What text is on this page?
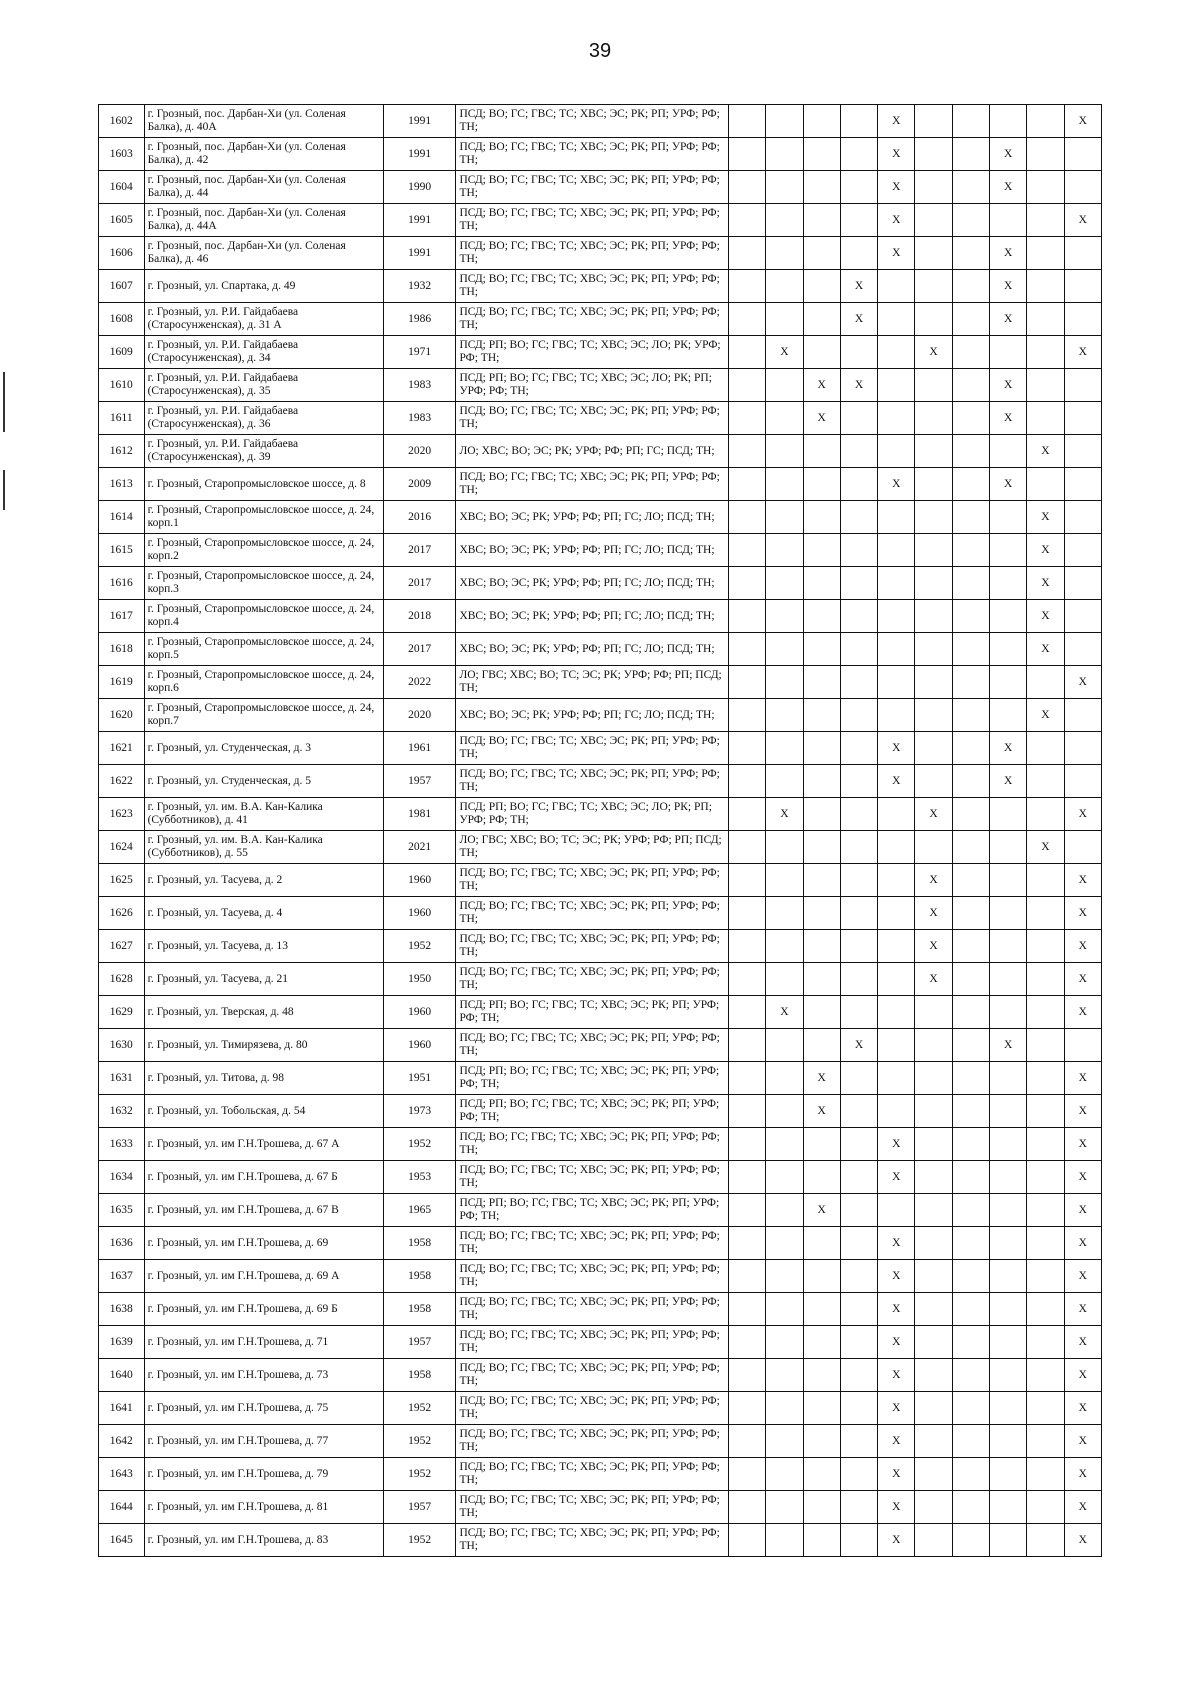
39
1602	г. Грозный, пос. Дарбан-Хи (ул. Соленая Балка), д. 40А	1991	ПСД; ВО; ГС; ГВС; ТС; ХВС; ЭС; РК; РП; УРФ; РФ; ТН;					X					X
1603	г. Грозный, пос. Дарбан-Хи (ул. Соленая Балка), д. 42	1991	ПСД; ВО; ГС; ГВС; ТС; ХВС; ЭС; РК; РП; УРФ; РФ; ТН;					X			X		
1604	г. Грозный, пос. Дарбан-Хи (ул. Соленая Балка), д. 44	1990	ПСД; ВО; ГС; ГВС; ТС; ХВС; ЭС; РК; РП; УРФ; РФ; ТН;					X			X		
1605	г. Грозный, пос. Дарбан-Хи (ул. Соленая Балка), д. 44А	1991	ПСД; ВО; ГС; ГВС; ТС; ХВС; ЭС; РК; РП; УРФ; РФ; ТН;					X					X
1606	г. Грозный, пос. Дарбан-Хи (ул. Соленая Балка), д. 46	1991	ПСД; ВО; ГС; ГВС; ТС; ХВС; ЭС; РК; РП; УРФ; РФ; ТН;					X			X		
1607	г. Грозный, ул. Спартака, д. 49	1932	ПСД; ВО; ГС; ГВС; ТС; ХВС; ЭС; РК; РП; УРФ; РФ; ТН;				X				X		
1608	г. Грозный, ул. Р.И. Гайдабаева (Старосунженская), д. 31 А	1986	ПСД; ВО; ГС; ГВС; ТС; ХВС; ЭС; РК; РП; УРФ; РФ; ТН;				X				X		
1609	г. Грозный, ул. Р.И. Гайдабаева (Старосунженская), д. 34	1971	ПСД; РП; ВО; ГС; ГВС; ТС; ХВС; ЭС; ЛО; РК; УРФ; РФ; ТН;		X				X				X
1610	г. Грозный, ул. Р.И. Гайдабаева (Старосунженская), д. 35	1983	ПСД; РП; ВО; ГС; ГВС; ТС; ХВС; ЭС; ЛО; РК; РП; УРФ; РФ; ТН;			X	X				X		
1611	г. Грозный, ул. Р.И. Гайдабаева (Старосунженская), д. 36	1983	ПСД; ВО; ГС; ГВС; ТС; ХВС; ЭС; РК; РП; УРФ; РФ; ТН;			X					X		
1612	г. Грозный, ул. Р.И. Гайдабаева (Старосунженская), д. 39	2020	ЛО; ХВС; ВО; ЭС; РК; УРФ; РФ; РП; ГС; ПСД; ТН;									X	
1613	г. Грозный, Старопромысловское шоссе, д. 8	2009	ПСД; ВО; ГС; ГВС; ТС; ХВС; ЭС; РК; РП; УРФ; РФ; ТН;					X			X		
1614	г. Грозный, Старопромысловское шоссе, д. 24, корп.1	2016	ХВС; ВО; ЭС; РК; УРФ; РФ; РП; ГС; ЛО; ПСД; ТН;									X	
1615	г. Грозный, Старопромысловское шоссе, д. 24, корп.2	2017	ХВС; ВО; ЭС; РК; УРФ; РФ; РП; ГС; ЛО; ПСД; ТН;									X	
1616	г. Грозный, Старопромысловское шоссе, д. 24, корп.3	2017	ХВС; ВО; ЭС; РК; УРФ; РФ; РП; ГС; ЛО; ПСД; ТН;									X	
1617	г. Грозный, Старопромысловское шоссе, д. 24, корп.4	2018	ХВС; ВО; ЭС; РК; УРФ; РФ; РП; ГС; ЛО; ПСД; ТН;									X	
1618	г. Грозный, Старопромысловское шоссе, д. 24, корп.5	2017	ХВС; ВО; ЭС; РК; УРФ; РФ; РП; ГС; ЛО; ПСД; ТН;									X	
1619	г. Грозный, Старопромысловское шоссе, д. 24, корп.6	2022	ЛО; ГВС; ХВС; ВО; ТС; ЭС; РК; УРФ; РФ; РП; ПСД; ТН;										X
1620	г. Грозный, Старопромысловское шоссе, д. 24, корп.7	2020	ХВС; ВО; ЭС; РК; УРФ; РФ; РП; ГС; ЛО; ПСД; ТН;									X	
1621	г. Грозный, ул. Студенческая, д. 3	1961	ПСД; ВО; ГС; ГВС; ТС; ХВС; ЭС; РК; РП; УРФ; РФ; ТН;					X			X		
1622	г. Грозный, ул. Студенческая, д. 5	1957	ПСД; ВО; ГС; ГВС; ТС; ХВС; ЭС; РК; РП; УРФ; РФ; ТН;					X			X		
1623	г. Грозный, ул. им. В.А. Кан-Калика (Субботников), д. 41	1981	ПСД; РП; ВО; ГС; ГВС; ТС; ХВС; ЭС; ЛО; РК; РП; УРФ; РФ; ТН;		X				X				X
1624	г. Грозный, ул. им. В.А. Кан-Калика (Субботников), д. 55	2021	ЛО; ГВС; ХВС; ВО; ТС; ЭС; РК; УРФ; РФ; РП; ПСД; ТН;									X	
1625	г. Грозный, ул. Тасуева, д. 2	1960	ПСД; ВО; ГС; ГВС; ТС; ХВС; ЭС; РК; РП; УРФ; РФ; ТН;						X				X
1626	г. Грозный, ул. Тасуева, д. 4	1960	ПСД; ВО; ГС; ГВС; ТС; ХВС; ЭС; РК; РП; УРФ; РФ; ТН;						X				X
1627	г. Грозный, ул. Тасуева, д. 13	1952	ПСД; ВО; ГС; ГВС; ТС; ХВС; ЭС; РК; РП; УРФ; РФ; ТН;						X				X
1628	г. Грозный, ул. Тасуева, д. 21	1950	ПСД; ВО; ГС; ГВС; ТС; ХВС; ЭС; РК; РП; УРФ; РФ; ТН;						X				X
1629	г. Грозный, ул. Тверская, д. 48	1960	ПСД; РП; ВО; ГС; ГВС; ТС; ХВС; ЭС; РК; РП; УРФ; РФ; ТН;		X								X
1630	г. Грозный, ул. Тимирязева, д. 80	1960	ПСД; ВО; ГС; ГВС; ТС; ХВС; ЭС; РК; РП; УРФ; РФ; ТН;				X				X		
1631	г. Грозный, ул. Титова, д. 98	1951	ПСД; РП; ВО; ГС; ГВС; ТС; ХВС; ЭС; РК; РП; УРФ; РФ; ТН;			X							X
1632	г. Грозный, ул. Тобольская, д. 54	1973	ПСД; РП; ВО; ГС; ГВС; ТС; ХВС; ЭС; РК; РП; УРФ; РФ; ТН;			X							X
1633	г. Грозный, ул. им Г.Н.Трошева, д. 67 А	1952	ПСД; ВО; ГС; ГВС; ТС; ХВС; ЭС; РК; РП; УРФ; РФ; ТН;					X					X
1634	г. Грозный, ул. им Г.Н.Трошева, д. 67 Б	1953	ПСД; ВО; ГС; ГВС; ТС; ХВС; ЭС; РК; РП; УРФ; РФ; ТН;					X					X
1635	г. Грозный, ул. им Г.Н.Трошева, д. 67 В	1965	ПСД; РП; ВО; ГС; ГВС; ТС; ХВС; ЭС; РК; РП; УРФ; РФ; ТН;			X							X
1636	г. Грозный, ул. им Г.Н.Трошева, д. 69	1958	ПСД; ВО; ГС; ГВС; ТС; ХВС; ЭС; РК; РП; УРФ; РФ; ТН;					X					X
1637	г. Грозный, ул. им Г.Н.Трошева, д. 69 А	1958	ПСД; ВО; ГС; ГВС; ТС; ХВС; ЭС; РК; РП; УРФ; РФ; ТН;					X					X
1638	г. Грозный, ул. им Г.Н.Трошева, д. 69 Б	1958	ПСД; ВО; ГС; ГВС; ТС; ХВС; ЭС; РК; РП; УРФ; РФ; ТН;					X					X
1639	г. Грозный, ул. им Г.Н.Трошева, д. 71	1957	ПСД; ВО; ГС; ГВС; ТС; ХВС; ЭС; РК; РП; УРФ; РФ; ТН;					X					X
1640	г. Грозный, ул. им Г.Н.Трошева, д. 73	1958	ПСД; ВО; ГС; ГВС; ТС; ХВС; ЭС; РК; РП; УРФ; РФ; ТН;					X					X
1641	г. Грозный, ул. им Г.Н.Трошева, д. 75	1952	ПСД; ВО; ГС; ГВС; ТС; ХВС; ЭС; РК; РП; УРФ; РФ; ТН;					X					X
1642	г. Грозный, ул. им Г.Н.Трошева, д. 77	1952	ПСД; ВО; ГС; ГВС; ТС; ХВС; ЭС; РК; РП; УРФ; РФ; ТН;					X					X
1643	г. Грозный, ул. им Г.Н.Трошева, д. 79	1952	ПСД; ВО; ГС; ГВС; ТС; ХВС; ЭС; РК; РП; УРФ; РФ; ТН;					X					X
1644	г. Грозный, ул. им Г.Н.Трошева, д. 81	1957	ПСД; ВО; ГС; ГВС; ТС; ХВС; ЭС; РК; РП; УРФ; РФ; ТН;					X					X
1645	г. Грозный, ул. им Г.Н.Трошева, д. 83	1952	ПСД; ВО; ГС; ГВС; ТС; ХВС; ЭС; РК; РП; УРФ; РФ; ТН;					X					X
